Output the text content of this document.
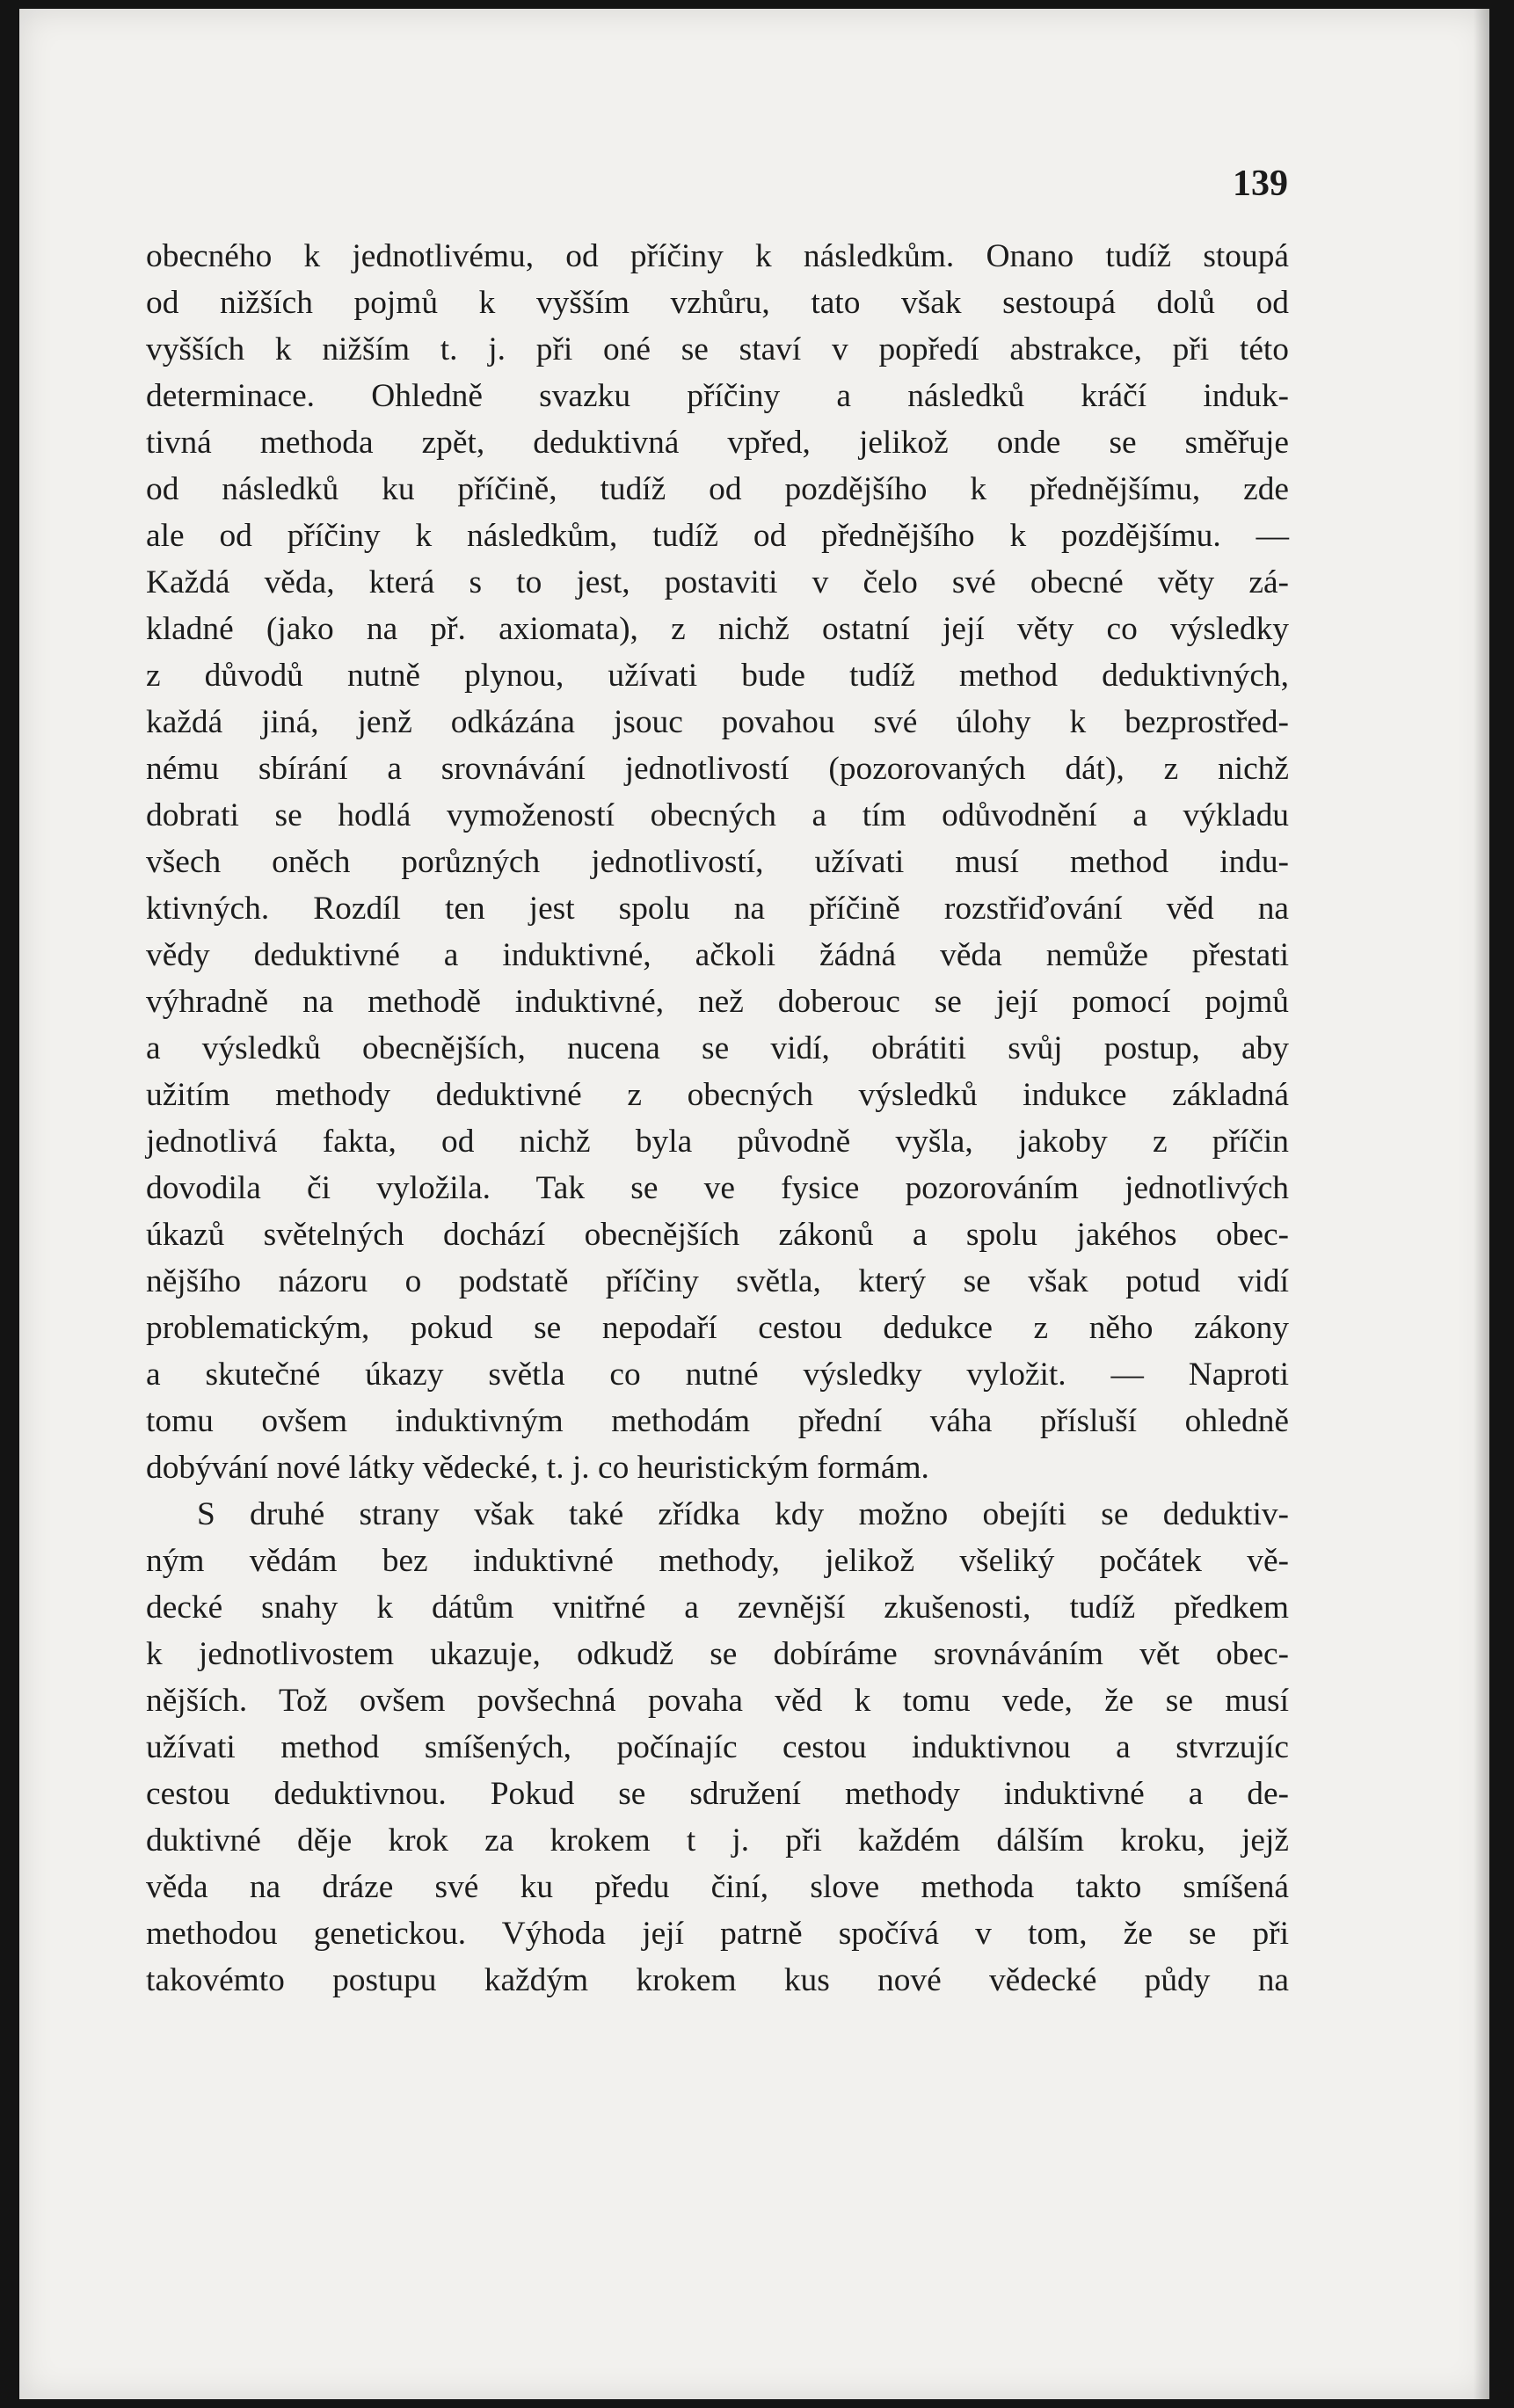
139
obecného k jednotlivému, od příčiny k následkům. Onano tudíž stoupá
od nižších pojmů k vyšším vzhůru, tato však sestoupá dolů od
vyšších k nižším t. j. při oné se staví v popředí abstrakce, při této
determinace. Ohledně svazku příčiny a následků kráčí induk-
tivná methoda zpět, deduktivná vpřed, jelikož onde se směřuje
od následků ku příčině, tudíž od pozdějšího k přednějšímu, zde
ale od příčiny k následkům, tudíž od přednějšího k pozdějšímu. —
Každá věda, která s to jest, postaviti v čelo své obecné věty zá-
kladné (jako na př. axiomata), z nichž ostatní její věty co výsledky
z důvodů nutně plynou, užívati bude tudíž method deduktivných,
každá jiná, jenž odkázána jsouc povahou své úlohy k bezprostřed-
nému sbírání a srovnávání jednotlivostí (pozorovaných dát), z nichž
dobrati se hodlá vymožeností obecných a tím odůvodnění a výkladu
všech oněch porůzných jednotlivostí, užívati musí method indu-
ktivných. Rozdíl ten jest spolu na příčině rozstřiďování věd na
vědy deduktivné a induktivné, ačkoli žádná věda nemůže přestati
výhradně na methodě induktivné, než doberouc se její pomocí pojmů
a výsledků obecnějších, nucena se vidí, obrátiti svůj postup, aby
užitím methody deduktivné z obecných výsledků indukce základná
jednotlivá fakta, od nichž byla původně vyšla, jakoby z příčin
dovodila či vyložila. Tak se ve fysice pozorováním jednotlivých
úkazů světelných dochází obecnějších zákonů a spolu jakéhos obec-
nějšího názoru o podstatě příčiny světla, který se však potud vidí
problematickým, pokud se nepodaří cestou dedukce z něho zákony
a skutečné úkazy světla co nutné výsledky vyložit. — Naproti
tomu ovšem induktivným methodám přední váha přísluší ohledně
dobývání nové látky vědecké, t. j. co heuristickým formám.
S druhé strany však také zřídka kdy možno obejíti se deduktiv-
ným vědám bez induktivné methody, jelikož všeliký počátek vě-
decké snahy k dátům vnitřné a zevnější zkušenosti, tudíž předkem
k jednotlivostem ukazuje, odkudž se dobíráme srovnáváním vět obec-
nějších. Tož ovšem povšechná povaha věd k tomu vede, že se musí
užívati method smíšených, počínajíc cestou induktivnou a stvrzujíc
cestou deduktivnou. Pokud se sdružení methody induktivné a de-
duktivné děje krok za krokem t j. při každém dálším kroku, jejž
věda na dráze své ku předu činí, slove methoda takto smíšená
methodou genetickou. Výhoda její patrně spočívá v tom, že se při
takovémto postupu každým krokem kus nové vědecké půdy na
